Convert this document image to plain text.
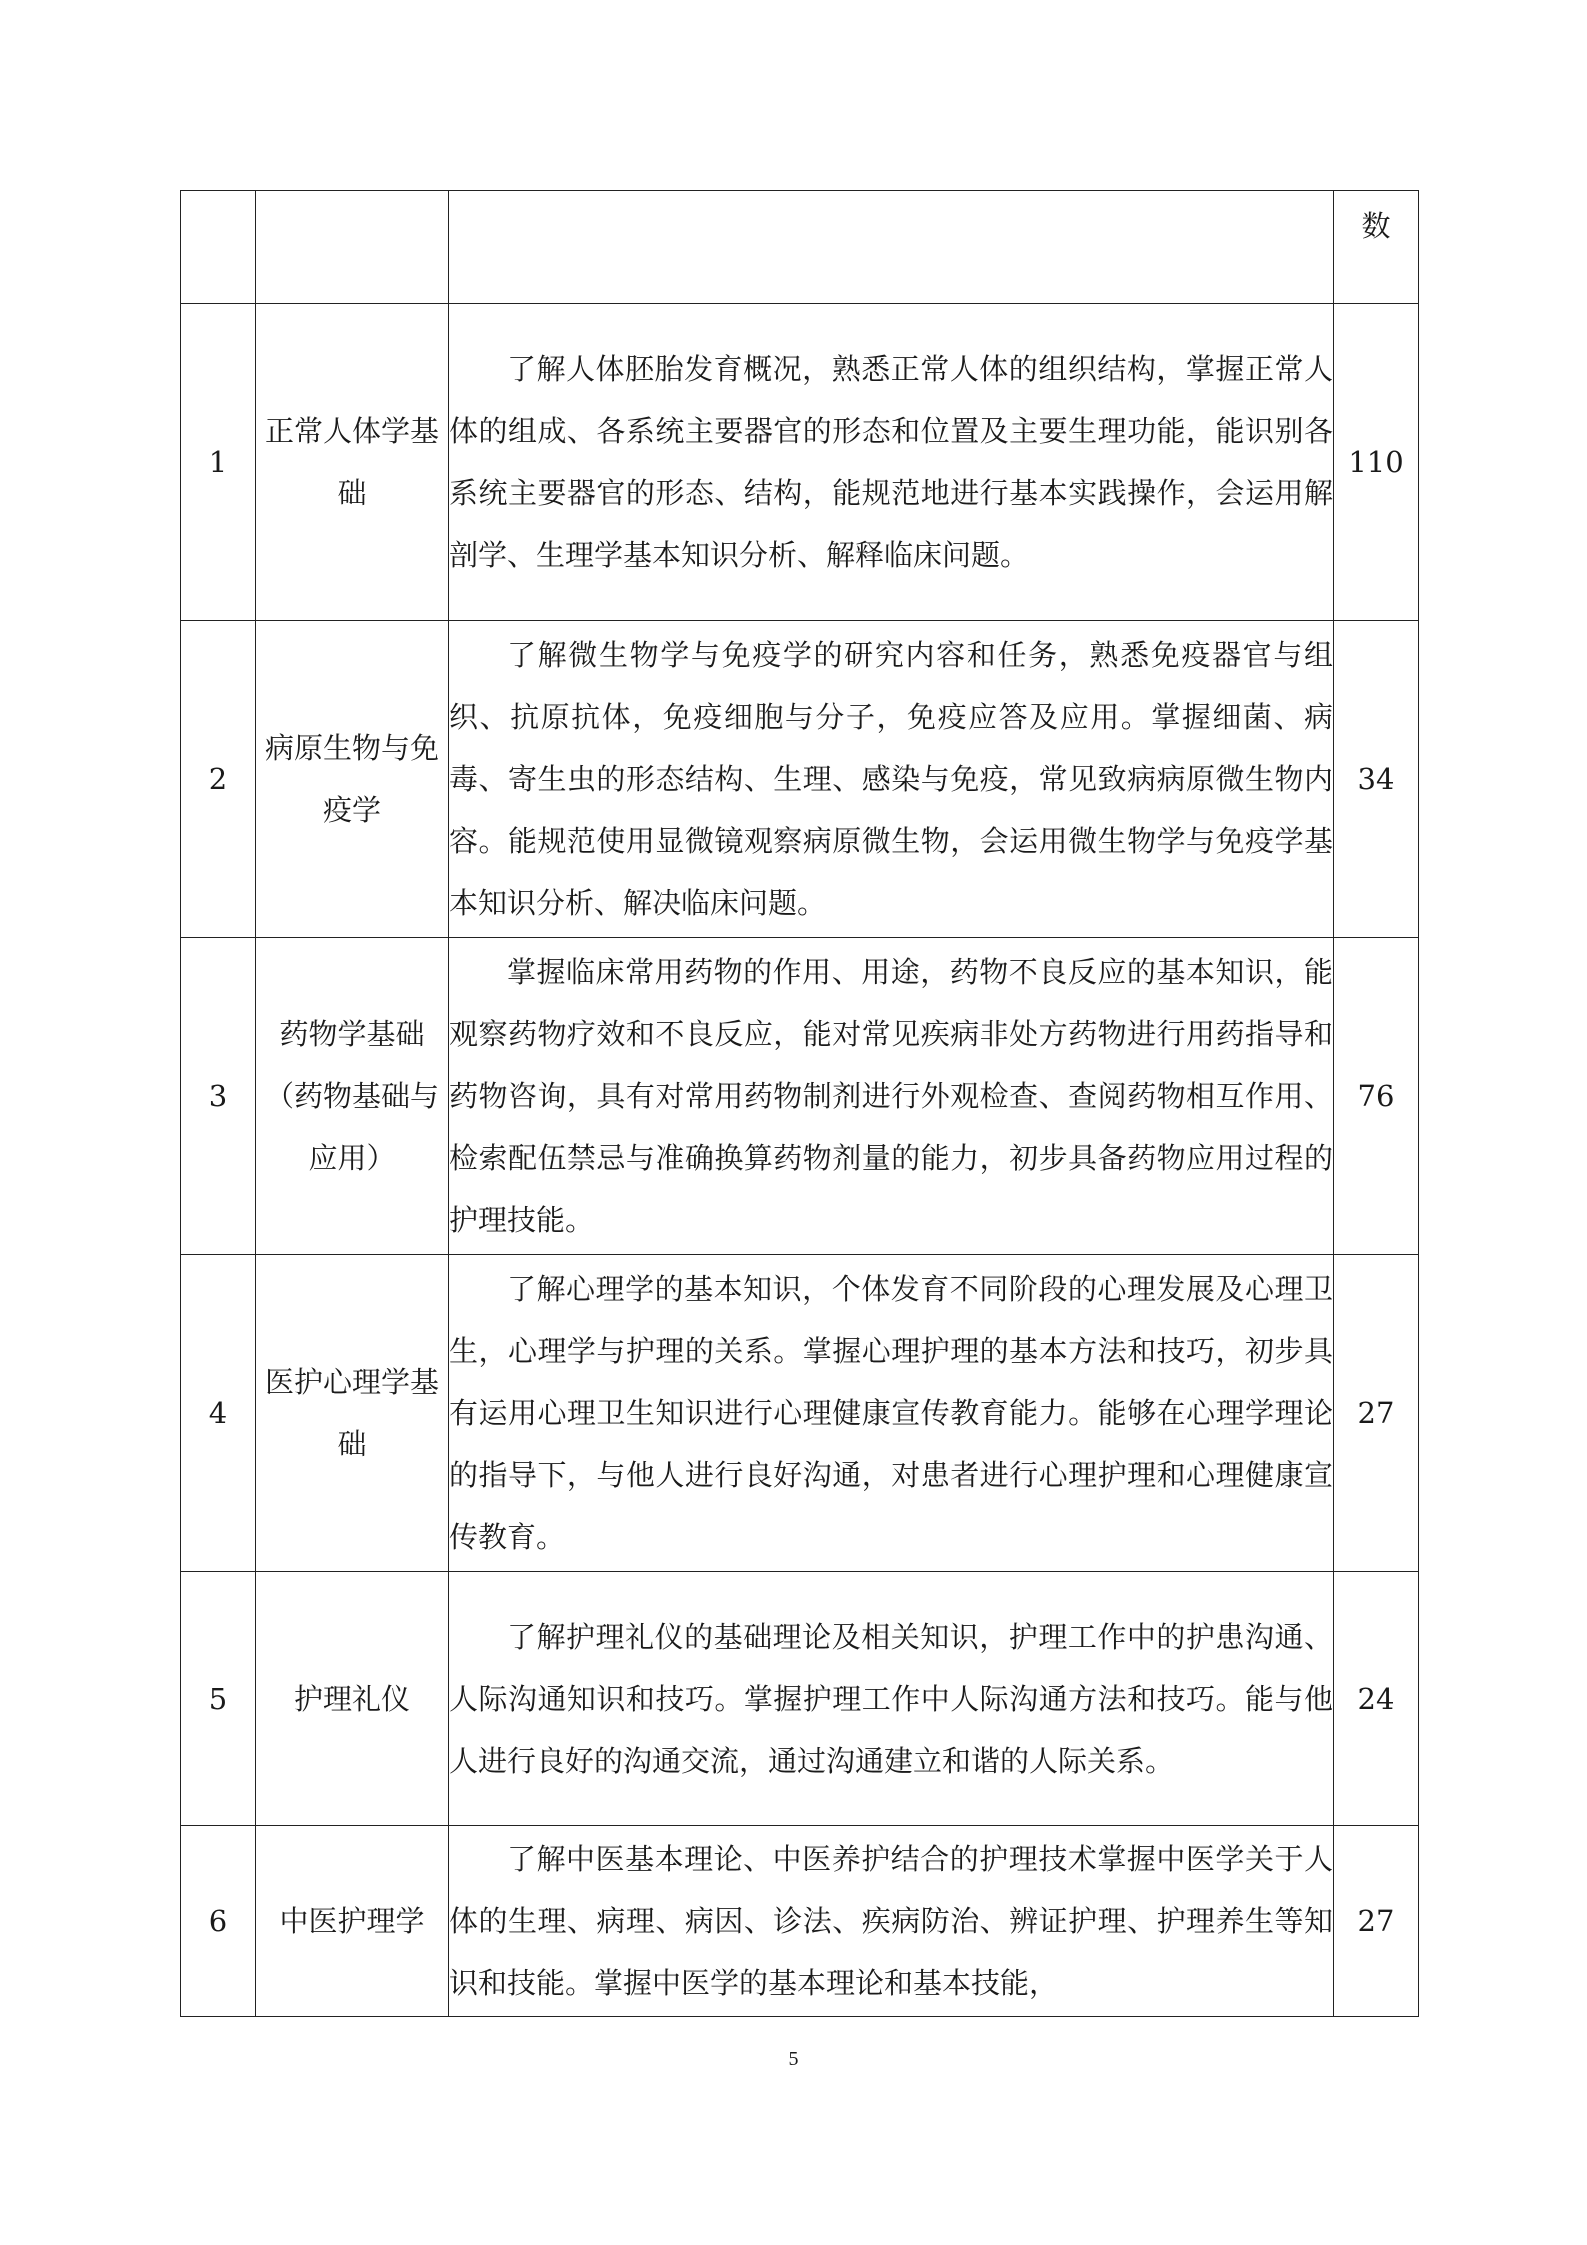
			数
1	正常人体学基础	了解人体胚胎发育概况，熟悉正常人体的组织结构，掌握正常人体的组成、各系统主要器官的形态和位置及主要生理功能，能识别各系统主要器官的形态、结构，能规范地进行基本实践操作，会运用解剖学、生理学基本知识分析、解释临床问题。	110
2	病原生物与免疫学	了解微生物学与免疫学的研究内容和任务，熟悉免疫器官与组织、抗原抗体，免疫细胞与分子，免疫应答及应用。掌握细菌、病毒、寄生虫的形态结构、生理、感染与免疫，常见致病病原微生物内容。能规范使用显微镜观察病原微生物，会运用微生物学与免疫学基本知识分析、解决临床问题。	34
3	药物学基础（药物基础与应用）	掌握临床常用药物的作用、用途，药物不良反应的基本知识，能观察药物疗效和不良反应，能对常见疾病非处方药物进行用药指导和药物咨询，具有对常用药物制剂进行外观检查、查阅药物相互作用、检索配伍禁忌与准确换算药物剂量的能力，初步具备药物应用过程的护理技能。	76
4	医护心理学基础	了解心理学的基本知识，个体发育不同阶段的心理发展及心理卫生，心理学与护理的关系。掌握心理护理的基本方法和技巧，初步具有运用心理卫生知识进行心理健康宣传教育能力。能够在心理学理论的指导下，与他人进行良好沟通，对患者进行心理护理和心理健康宣传教育。	27
5	护理礼仪	了解护理礼仪的基础理论及相关知识，护理工作中的护患沟通、人际沟通知识和技巧。掌握护理工作中人际沟通方法和技巧。能与他人进行良好的沟通交流，通过沟通建立和谐的人际关系。	24
6	中医护理学	了解中医基本理论、中医养护结合的护理技术掌握中医学关于人体的生理、病理、病因、诊法、疾病防治、辨证护理、护理养生等知识和技能。掌握中医学的基本理论和基本技能，	27
5
